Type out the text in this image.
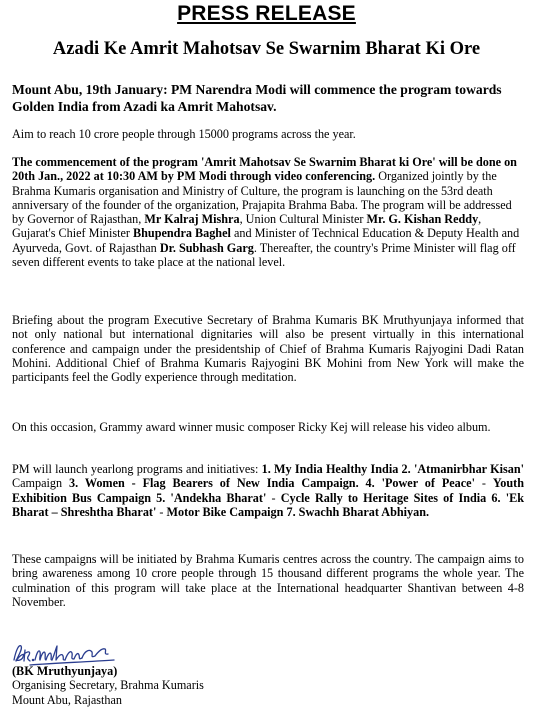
PRESS RELEASE
Azadi Ke Amrit Mahotsav Se Swarnim Bharat Ki Ore

Mount Abu, 19th January: PM Narendra Modi will commence the program towards Golden India from Azadi ka Amrit Mahotsav.

Aim to reach 10 crore people through 15000 programs across the year.

The commencement of the program 'Amrit Mahotsav Se Swarnim Bharat ki Ore' will be done on 20th Jan., 2022 at 10:30 AM by PM Modi through video conferencing. Organized jointly by the Brahma Kumaris organisation and Ministry of Culture, the program is launching on the 53rd death anniversary of the founder of the organization, Prajapita Brahma Baba. The program will be addressed by Governor of Rajasthan, Mr Kalraj Mishra, Union Cultural Minister Mr. G. Kishan Reddy, Gujarat's Chief Minister Bhupendra Baghel and Minister of Technical Education & Deputy Health and Ayurveda, Govt. of Rajasthan Dr. Subhash Garg. Thereafter, the country's Prime Minister will flag off seven different events to take place at the national level.

Briefing about the program Executive Secretary of Brahma Kumaris BK Mruthyunjaya informed that not only national but international dignitaries will also be present virtually in this international conference and campaign under the presidentship of Chief of Brahma Kumaris Rajyogini Dadi Ratan Mohini. Additional Chief of Brahma Kumaris Rajyogini BK Mohini from New York will make the participants feel the Godly experience through meditation.

On this occasion, Grammy award winner music composer Ricky Kej will release his video album.

PM will launch yearlong programs and initiatives: 1. My India Healthy India 2. 'Atmanirbhar Kisan' Campaign 3. Women - Flag Bearers of New India Campaign. 4. 'Power of Peace' - Youth Exhibition Bus Campaign 5. 'Andekha Bharat' - Cycle Rally to Heritage Sites of India 6. 'Ek Bharat – Shreshtha Bharat' - Motor Bike Campaign 7. Swachh Bharat Abhiyan.

These campaigns will be initiated by Brahma Kumaris centres across the country. The campaign aims to bring awareness among 10 crore people through 15 thousand different programs the whole year. The culmination of this program will take place at the International headquarter Shantivan between 4-8 November.

(BK Mruthyunjaya)
Organising Secretary, Brahma Kumaris
Mount Abu, Rajasthan
